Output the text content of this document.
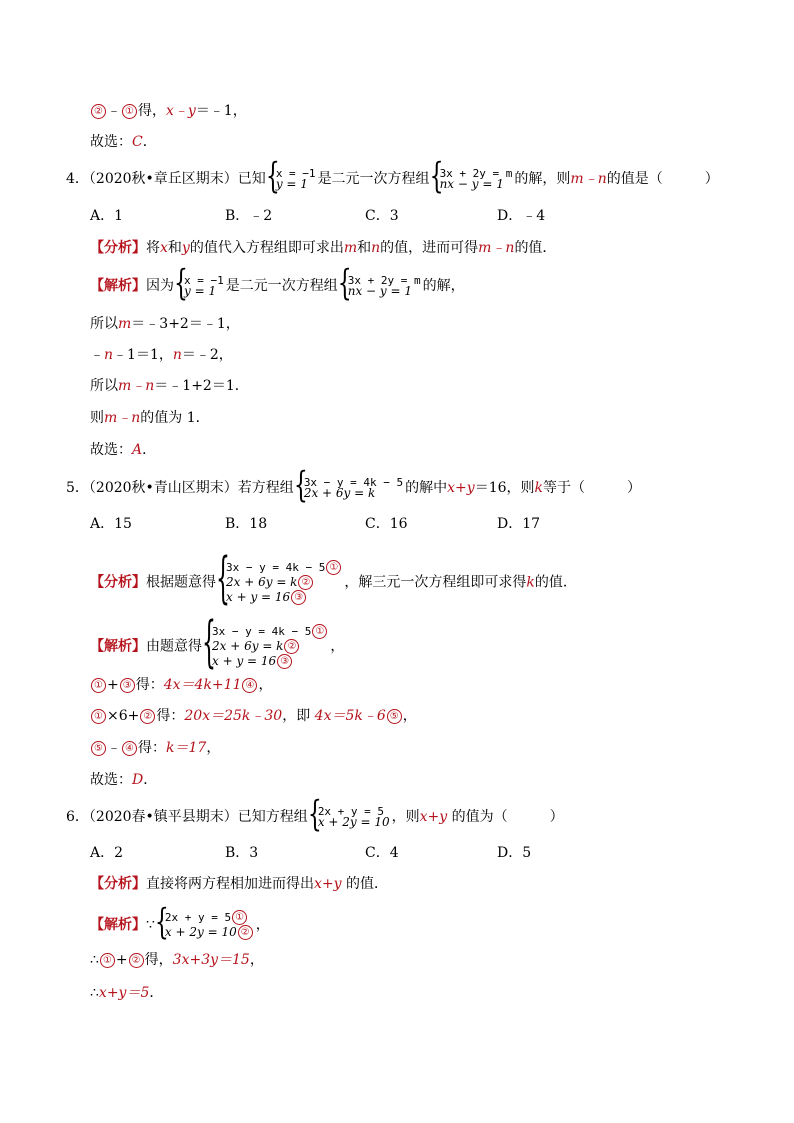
② ﹣ ① 得，x﹣y＝﹣1，
故选：C．
4．（2020秋•章丘区期末）已知 { x = −1
y = 1 是二元一次方程组 { 3x + 2y = m
nx − y = 1 的解，则m﹣n的值是（	）
A．1	B．﹣2	C．3	D．﹣4
【分析】将x和y的值代入方程组即可求出m和n的值，进而可得m﹣n的值．
【解析】因为 { x = −1
y = 1 是二元一次方程组 { 3x + 2y = m
nx − y = 1 的解，
所以m＝﹣3+2＝﹣1，
﹣n﹣1＝1，n＝﹣2，
所以m﹣n＝﹣1+2＝1．
则m﹣n的值为 1．
故选：A．
5．（2020秋•青山区期末）若方程组 { 3x − y = 4k − 5
2x + 6y = k	的解中x+y＝16，则k等于（	）
A．15	B．18	C．16	D．17
【分析】根据题意得
{ 3x − y = 4k − 5 ①
2x + 6y = k ②
x + y = 16 ③
，解三元一次方程组即可求得k的值．
【解析】由题意得
{ 3x − y = 4k − 5 ①
2x + 6y = k ②
x + y = 16 ③
，
① + ③ 得：4x＝4k+11 ④ ，
① ×6+ ② 得：20x＝25k﹣30，即 4x＝5k﹣6 ⑤ ，
⑤ ﹣ ④ 得：k＝17，
故选：D．
6．（2020春•镇平县期末）已知方程组 { 2x + y = 5
x + 2y = 10 ，则x+y 的值为（	）
A．2	B．3	C．4	D．5
【分析】直接将两方程相加进而得出x+y 的值．
【解析】∵ { 2x + y = 5 ①
x + 2y = 10 ② ，
∴ ① + ② 得，3x+3y＝15，
∴x+y＝5．
